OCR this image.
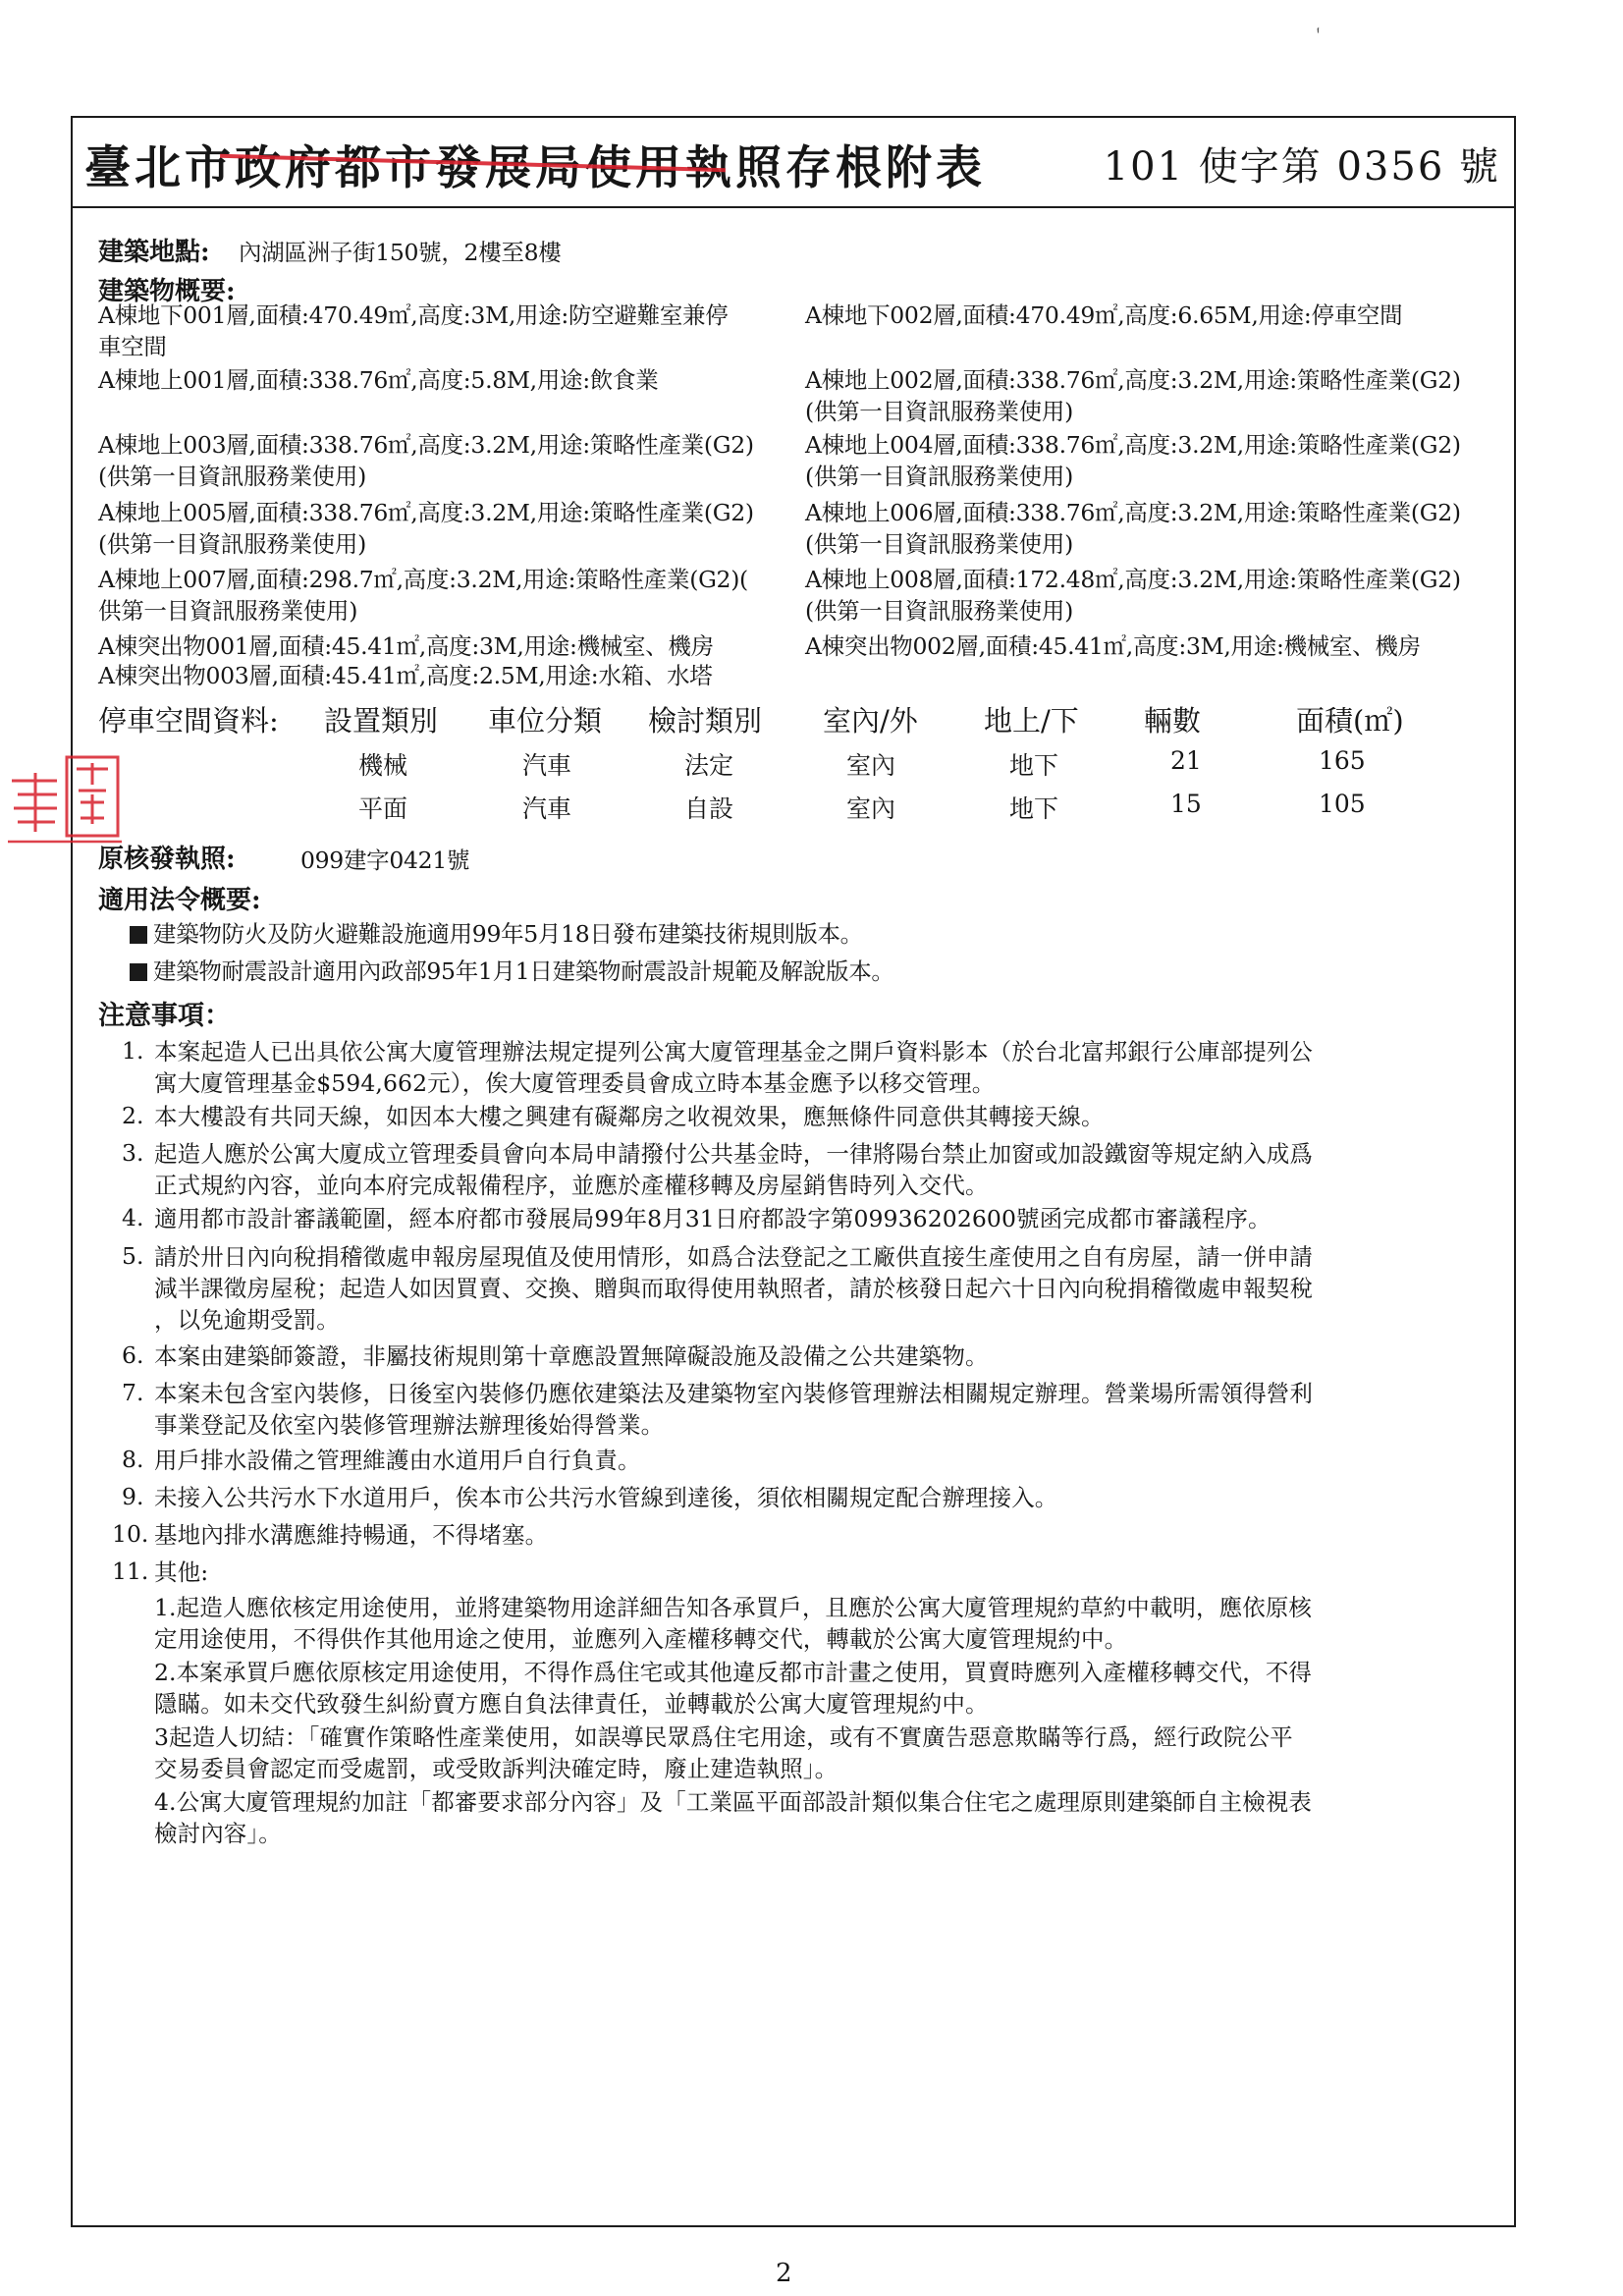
臺北市政府都市發展局使用執照存根附表	101 使字第 0356 號
ˊ
建築地點: 內湖區洲子街150號，2樓至8樓
建築物概要:
A棟地下001層,面積:470.49㎡,高度:3M,用途:防空避難室兼停
車空間
A棟地下002層,面積:470.49㎡,高度:6.65M,用途:停車空間
A棟地上001層,面積:338.76㎡,高度:5.8M,用途:飲食業	A棟地上002層,面積:338.76㎡,高度:3.2M,用途:策略性產業(G2)
(供第一目資訊服務業使用)
A棟地上003層,面積:338.76㎡,高度:3.2M,用途:策略性產業(G2)
(供第一目資訊服務業使用)
A棟地上004層,面積:338.76㎡,高度:3.2M,用途:策略性產業(G2)
(供第一目資訊服務業使用)
A棟地上005層,面積:338.76㎡,高度:3.2M,用途:策略性產業(G2)
(供第一目資訊服務業使用)
A棟地上006層,面積:338.76㎡,高度:3.2M,用途:策略性產業(G2)
(供第一目資訊服務業使用)
A棟地上007層,面積:298.7㎡,高度:3.2M,用途:策略性產業(G2)(
供第一目資訊服務業使用)
A棟地上008層,面積:172.48㎡,高度:3.2M,用途:策略性產業(G2)
(供第一目資訊服務業使用)
A棟突出物001層,面積:45.41㎡,高度:3M,用途:機械室、機房	A棟突出物002層,面積:45.41㎡,高度:3M,用途:機械室、機房
A棟突出物003層,面積:45.41㎡,高度:2.5M,用途:水箱、水塔
停車空間資料: 設置類別 車位分類 檢討類別 室內/外 地上/下 輛數	面積(㎡)
機械	汽車	法定	室內	地下	21	165
平面	汽車	自設	室內	地下	15	105
原核發執照:	099建字0421號
適用法令概要:
建築物防火及防火避難設施適用99年5月18日發布建築技術規則版本。
建築物耐震設計適用內政部95年1月1日建築物耐震設計規範及解說版本。
注意事項：
1. 本案起造人已出具依公寓大廈管理辦法規定提列公寓大廈管理基金之開戶資料影本（於台北富邦銀行公庫部提列公
寓大廈管理基金$594,662元），俟大廈管理委員會成立時本基金應予以移交管理。
2. 本大樓設有共同天線，如因本大樓之興建有礙鄰房之收視效果，應無條件同意供其轉接天線。
3. 起造人應於公寓大廈成立管理委員會向本局申請撥付公共基金時，一律將陽台禁止加窗或加設鐵窗等規定納入成爲
正式規約內容，並向本府完成報備程序，並應於產權移轉及房屋銷售時列入交代。
4. 適用都市設計審議範圍，經本府都市發展局99年8月31日府都設字第09936202600號函完成都市審議程序。
5. 請於卅日內向稅捐稽徵處申報房屋現值及使用情形，如爲合法登記之工廠供直接生產使用之自有房屋，請一併申請
減半課徵房屋稅；起造人如因買賣、交換、贈與而取得使用執照者，請於核發日起六十日內向稅捐稽徵處申報契稅
，以免逾期受罰。
6. 本案由建築師簽證，非屬技術規則第十章應設置無障礙設施及設備之公共建築物。
7. 本案未包含室內裝修，日後室內裝修仍應依建築法及建築物室內裝修管理辦法相關規定辦理。營業場所需領得營利
事業登記及依室內裝修管理辦法辦理後始得營業。
8. 用戶排水設備之管理維護由水道用戶自行負責。
9. 未接入公共污水下水道用戶，俟本市公共污水管線到達後，須依相關規定配合辦理接入。
10. 基地內排水溝應維持暢通，不得堵塞。
11. 其他:
1.起造人應依核定用途使用，並將建築物用途詳細告知各承買戶，且應於公寓大廈管理規約草約中載明，應依原核
定用途使用，不得供作其他用途之使用，並應列入產權移轉交代，轉載於公寓大廈管理規約中。
2.本案承買戶應依原核定用途使用，不得作爲住宅或其他違反都市計畫之使用，買賣時應列入產權移轉交代，不得
隱瞞。如未交代致發生糾紛賣方應自負法律責任，並轉載於公寓大廈管理規約中。
3起造人切結：「確實作策略性產業使用，如誤導民眾爲住宅用途，或有不實廣告惡意欺瞞等行爲，經行政院公平
交易委員會認定而受處罰，或受敗訴判決確定時，廢止建造執照」。
4.公寓大廈管理規約加註「都審要求部分內容」及「工業區平面部設計類似集合住宅之處理原則建築師自主檢視表
檢討內容」。
2
